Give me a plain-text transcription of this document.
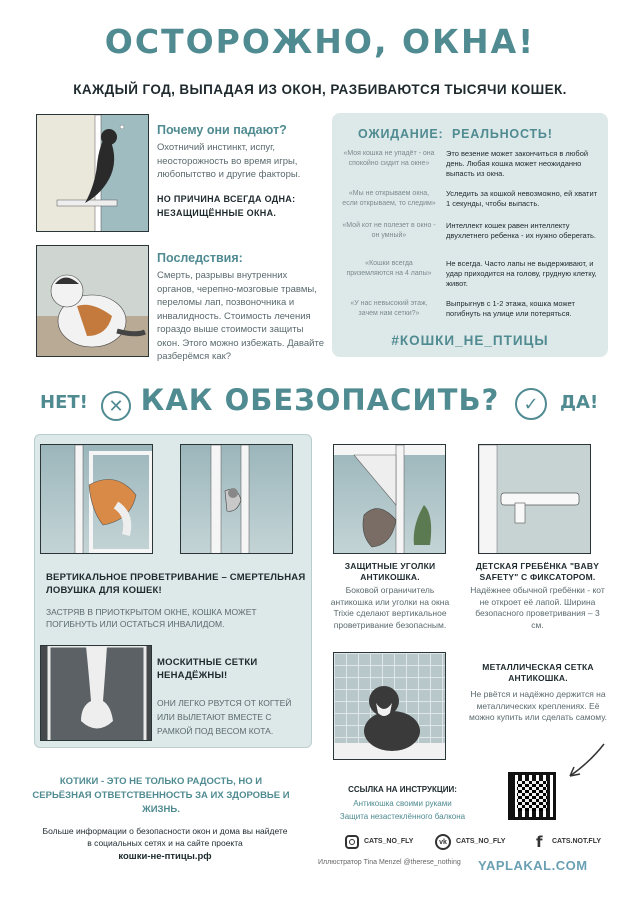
ОСТОРОЖНО, ОКНА!
КАЖДЫЙ ГОД, ВЫПАДАЯ ИЗ ОКОН, РАЗБИВАЮТСЯ ТЫСЯЧИ КОШЕК.
Почему они падают?
Охотничий инстинкт, испуг, неосторожность во время игры, любопытство и другие факторы.
НО ПРИЧИНА ВСЕГДА ОДНА: НЕЗАЩИЩЁННЫЕ ОКНА.
Последствия:
Смерть, разрывы внутренних органов, черепно-мозговые травмы, переломы лап, позвоночника и инвалидность. Стоимость лечения гораздо выше стоимости защиты окон. Этого можно избежать. Давайте разберёмся как?
ОЖИДАНИЕ: РЕАЛЬНОСТЬ!
«Моя кошка не упадёт - она спокойно сидит на окне»
Это везение может закончиться в любой день. Любая кошка может неожиданно выпасть из окна.
«Мы не открываем окна, если открываем, то следим»
Уследить за кошкой невозможно, ей хватит 1 секунды, чтобы выпасть.
«Мой кот не полезет в окно - он умный»
Интеллект кошек равен интеллекту двухлетнего ребенка - их нужно оберегать.
«Кошки всегда приземляются на 4 лапы»
Не всегда. Часто лапы не выдерживают, и удар приходится на голову, грудную клетку, живот.
«У нас невысокий этаж, зачем нам сетки?»
Выпрыгнув с 1-2 этажа, кошка может погибнуть на улице или потеряться.
#КОШКИ_НЕ_ПТИЦЫ
НЕТ!	✕ КАК ОБЕЗОПАСИТЬ?	✓	ДА!
ВЕРТИКАЛЬНОЕ ПРОВЕТРИВАНИЕ – СМЕРТЕЛЬНАЯ ЛОВУШКА ДЛЯ КОШЕК!
ЗАСТРЯВ В ПРИОТКРЫТОМ ОКНЕ, КОШКА МОЖЕТ ПОГИБНУТЬ ИЛИ ОСТАТЬСЯ ИНВАЛИДОМ.
МОСКИТНЫЕ СЕТКИ НЕНАДЁЖНЫ!
ОНИ ЛЕГКО РВУТСЯ ОТ КОГТЕЙ ИЛИ ВЫЛЕТАЮТ ВМЕСТЕ С РАМКОЙ ПОД ВЕСОМ КОТА.
ЗАЩИТНЫЕ УГОЛКИ АНТИКОШКА.
Боковой ограничитель антикошка или уголки на окна Trixie сделают вертикальное проветривание безопасным.
ДЕТСКАЯ ГРЕБЁНКА "BABY SAFETY" С ФИКСАТОРОМ.
Надёжнее обычной гребёнки - кот не откроет её лапой. Ширина безопасного проветривания – 3 см.
МЕТАЛЛИЧЕСКАЯ СЕТКА АНТИКОШКА.
Не рвётся и надёжно держится на металлических креплениях. Её можно купить или сделать самому.
КОТИКИ - ЭТО НЕ ТОЛЬКО РАДОСТЬ, НО И СЕРЬЁЗНАЯ ОТВЕТСТВЕННОСТЬ ЗА ИХ ЗДОРОВЬЕ И ЖИЗНЬ.
Больше информации о безопасности окон и дома вы найдете в социальных сетях и на сайте проекта
кошки-не-птицы.рф
ССЫЛКА НА ИНСТРУКЦИИ:
Антикошка своими руками
Защита незастеклённого балкона
CATS_NO_FLY	vk	CATS_NO_FLY f CATS.NOT.FLY
Иллюстратор Tina Menzel @therese_nothing YAPLAKAL.COM
